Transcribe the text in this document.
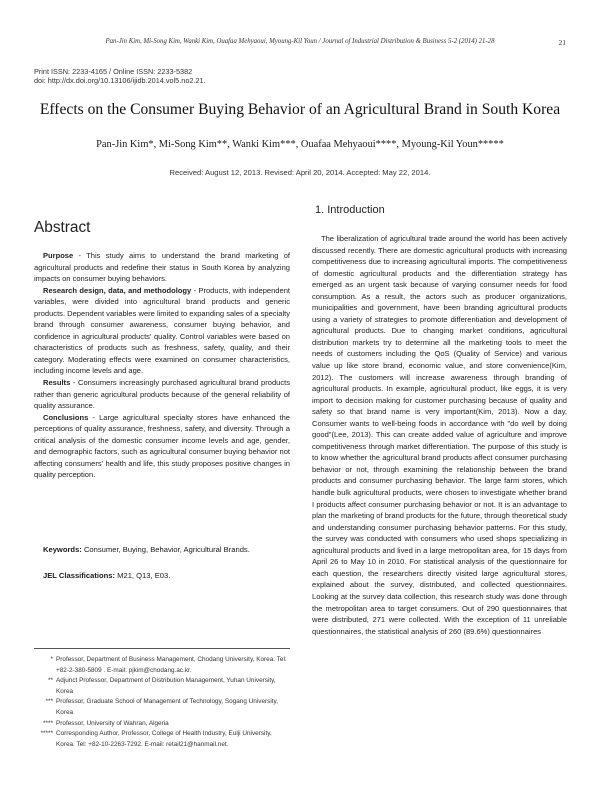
Pan-Jin Kim, Mi-Song Kim, Wanki Kim, Ouafaa Mehyaoui, Myoung-Kil Youn / Journal of Industrial Distribution & Business 5-2 (2014) 21-28	21
Print ISSN: 2233-4165 / Online ISSN: 2233-5382
doi: http://dx.doi.org/10.13106/ijidb.2014.vol5.no2.21.
Effects on the Consumer Buying Behavior of an Agricultural Brand in South Korea
Pan-Jin Kim*, Mi-Song Kim**, Wanki Kim***, Ouafaa Mehyaoui****, Myoung-Kil Youn*****
Received: August 12, 2013. Revised: April 20, 2014. Accepted: May 22, 2014.
Abstract

Purpose - This study aims to understand the brand marketing of agricultural products and redefine their status in South Korea by analyzing impacts on consumer buying behaviors.

Research design, data, and methodology - Products, with independent variables, were divided into agricultural brand products and generic products. Dependent variables were limited to expanding sales of a specialty brand through consumer awareness, consumer buying behavior, and confidence in agricultural products' quality. Control variables were based on characteristics of products such as freshness, safety, quality, and their category. Moderating effects were examined on consumer characteristics, including income levels and age.

Results - Consumers increasingly purchased agricultural brand products rather than generic agricultural products because of the general reliability of quality assurance.

Conclusions - Large agricultural specialty stores have enhanced the perceptions of quality assurance, freshness, safety, and diversity. Through a critical analysis of the domestic consumer income levels and age, gender, and demographic factors, such as agricultural consumer buying behavior not affecting consumers' health and life, this study proposes positive changes in quality perception.

Keywords: Consumer, Buying, Behavior, Agricultural Brands.
JEL Classifications: M21, Q13, E03.
* Professor, Department of Business Management, Chodang University, Korea. Tel: +82-2-380-5809 . E-mail: pjkim@chodang.ac.kr.
** Adjunct Professor, Department of Distribution Management, Yuhan University, Korea
*** Professor, Graduate School of Management of Technology, Sogang University, Korea
**** Professor, University of Wahran, Algeria
***** Corresponding Author, Professor, College of Health Industry, Eulji University, Korea. Tel: +82-10-2263-7292. E-mail: retail21@hanmail.net.
1. Introduction

The liberalization of agricultural trade around the world has been actively discussed recently. There are domestic agricultural products with increasing competitiveness due to increasing agricultural imports. The competitiveness of domestic agricultural products and the differentiation strategy has emerged as an urgent task because of varying consumer needs for food consumption. As a result, the actors such as producer organizations, municipalities and government, have been branding agricultural products using a variety of strategies to promote differentiation and development of agricultural products. Due to changing market conditions, agricultural distribution markets try to determine all the marketing tools to meet the needs of customers including the QoS (Quality of Service) and various value up like store brand, economic value, and store convenience(Kim, 2012). The customers will increase awareness through branding of agricultural products. In example, agricultural product, like eggs, it is very import to decision making for customer purchasing because of quality and safety so that brand name is very important(Kim, 2013). Now a day, Consumer wants to well-being foods in accordance with "do well by doing good"(Lee, 2013). This can create added value of agriculture and improve competitiveness through market differentiation. The purpose of this study is to know whether the agricultural brand products affect consumer purchasing behavior or not, through examining the relationship between the brand products and consumer purchasing behavior. The large farm stores, which handle bulk agricultural products, were chosen to investigate whether brand I products affect consumer purchasing behavior or not. It is an advantage to plan the marketing of brand products for the future, through theoretical study and understanding consumer purchasing behavior patterns. For this study, the survey was conducted with consumers who used shops specializing in agricultural products and lived in a large metropolitan area, for 15 days from April 26 to May 10 in 2010. For statistical analysis of the questionnaire for each question, the researchers directly visited large agricultural stores, explained about the survey, distributed, and collected questionnaires. Looking at the survey data collection, this research study was done through the metropolitan area to target consumers. Out of 290 questionnaires that were distributed, 271 were collected. With the exception of 11 unreliable questionnaires, the statistical analysis of 260 (89.6%) questionnaires
